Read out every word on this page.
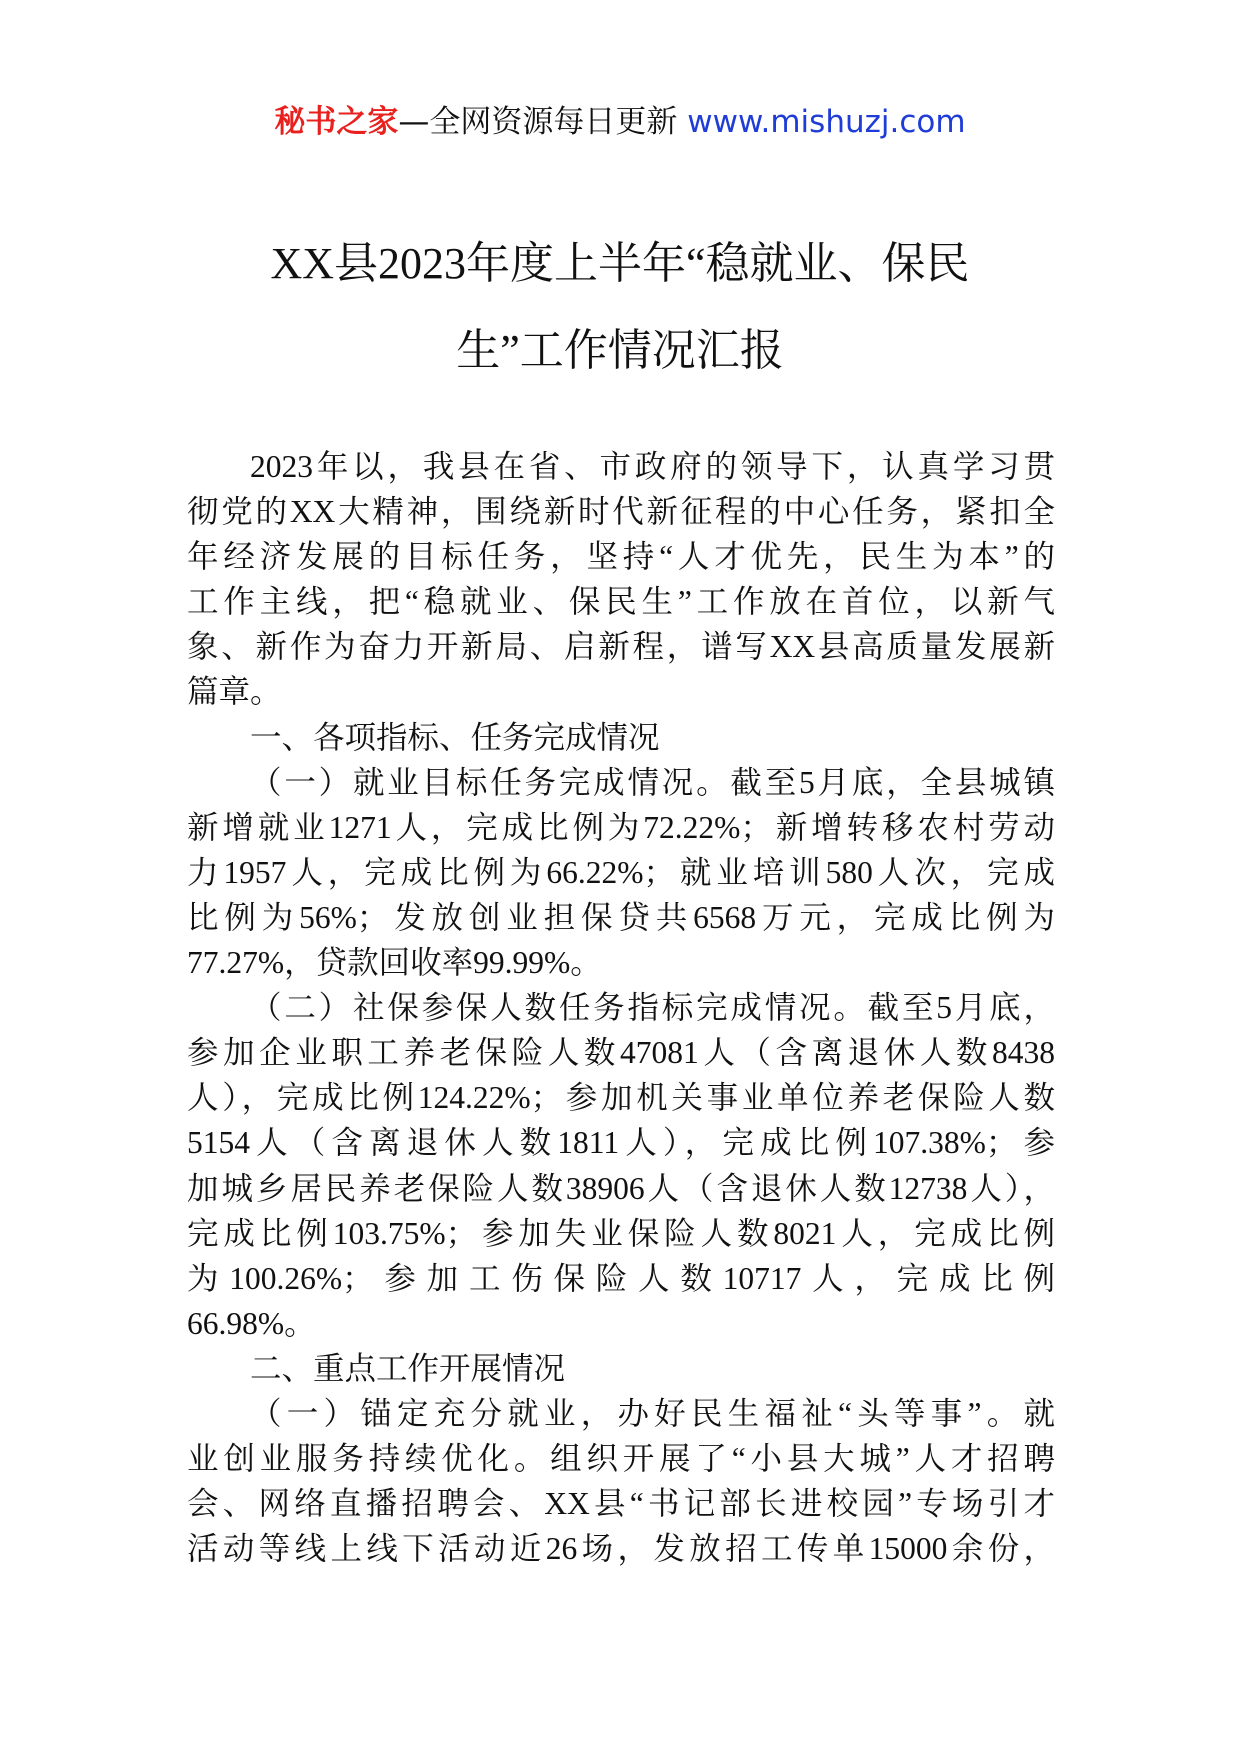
秘书之家—全网资源每日更新 www.mishuzj.com
XX县2023年度上半年“稳就业、保民
生”工作情况汇报
2023年以，我县在省、市政府的领导下，认真学习贯
彻党的XX大精神，围绕新时代新征程的中心任务，紧扣全
年经济发展的目标任务，坚持“人才优先，民生为本”的
工作主线，把“稳就业、保民生”工作放在首位，以新气
象、新作为奋力开新局、启新程，谱写XX县高质量发展新
篇章。
一、各项指标、任务完成情况
（一）就业目标任务完成情况。截至5月底，全县城镇
新增就业1271人，完成比例为72.22%；新增转移农村劳动
力1957人，完成比例为66.22%；就业培训580人次，完成
比例为56%；发放创业担保贷共6568万元，完成比例为
77.27%，贷款回收率99.99%。
（二）社保参保人数任务指标完成情况。截至5月底，
参加企业职工养老保险人数47081人（含离退休人数8438
人），完成比例124.22%；参加机关事业单位养老保险人数
5154人（含离退休人数1811人），完成比例107.38%；参
加城乡居民养老保险人数38906人（含退休人数12738人），
完成比例103.75%；参加失业保险人数8021人，完成比例
为100.26%；参加工伤保险人数10717人，完成比例
66.98%。
二、重点工作开展情况
（一）锚定充分就业，办好民生福祉“头等事”。就
业创业服务持续优化。组织开展了“小县大城”人才招聘
会、网络直播招聘会、XX县“书记部长进校园”专场引才
活动等线上线下活动近26场，发放招工传单15000余份，
